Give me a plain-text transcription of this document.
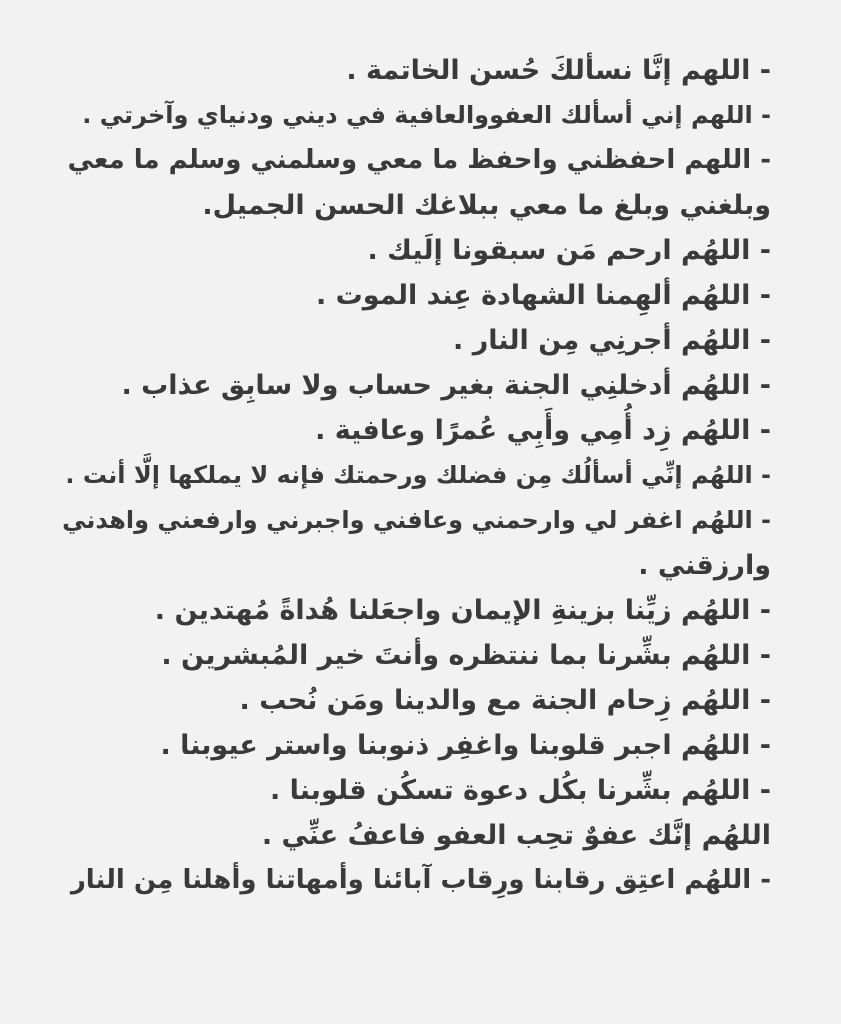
- اللهم إنَّا نسألكَ حُسن الخاتمة .
- اللهم إني أسألك العفووالعافية في ديني ودنياي وآخرتي .
- اللهم احفظني واحفظ ما معي وسلمني وسلم ما معي
وبلغني وبلغ ما معي ببلاغك الحسن الجميل.
- اللهُم ارحم مَن سبقونا إلَيك .
- اللهُم ألهِمنا الشهادة عِند الموت .
- اللهُم أجرنِي مِن النار .
- اللهُم أدخلنِي الجنة بغير حساب ولا سابِق عذاب .
- اللهُم زِد أُمِي وأَبِي عُمرًا وعافية .
- اللهُم إنِّي أسألُك مِن فضلك ورحمتك فإنه لا يملكها إلَّا أنت .
- اللهُم اغفر لي وارحمني وعافني واجبرني وارفعني واهدني
وارزقني .
- اللهُم زيِّنا بزينةِ الإيمان واجعَلنا هُداةً مُهتدين .
- اللهُم بشِّرنا بما ننتظره وأنتَ خير المُبشرين .
- اللهُم زِحام الجنة مع والدينا ومَن نُحب .
- اللهُم اجبر قلوبنا واغفِر ذنوبنا واستر عيوبنا .
- اللهُم بشِّرنا بكُل دعوة تسكُن قلوبنا .
اللهُم إنَّك عفوٌ تحِب العفو فاعفُ عنِّي .
- اللهُم اعتِق رقابنا ورِقاب آبائنا وأمهاتنا وأهلنا مِن النار
